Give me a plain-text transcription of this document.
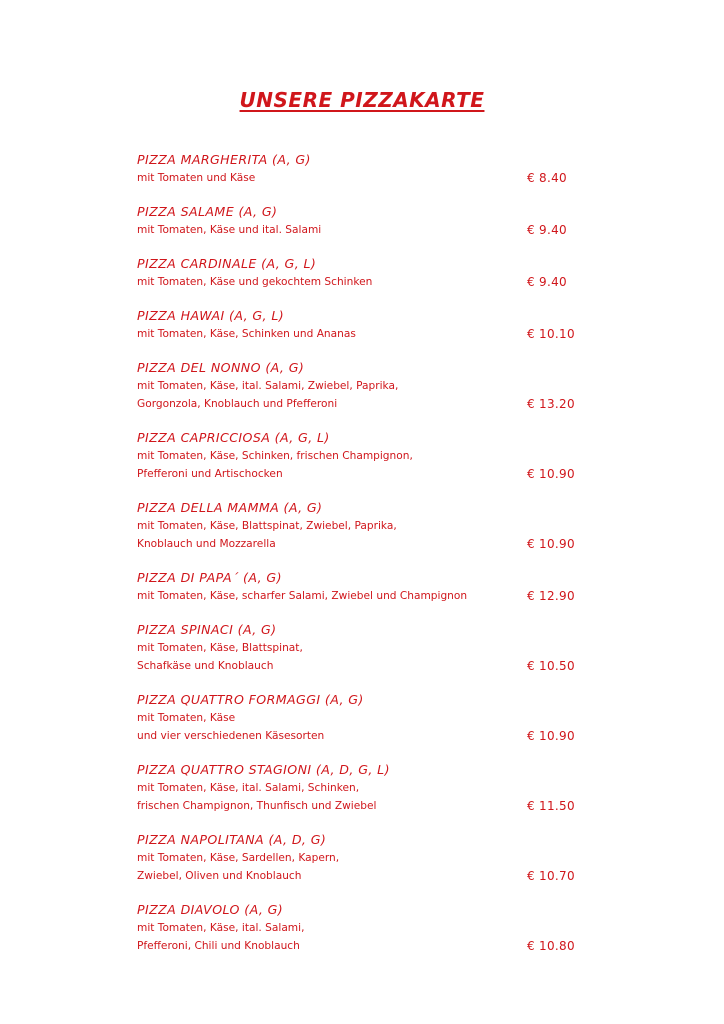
UNSERE PIZZAKARTE
PIZZA MARGHERITA (A, G)
mit Tomaten und Käse	€ 8.40
PIZZA SALAME (A, G)
mit Tomaten, Käse und ital. Salami	€ 9.40
PIZZA CARDINALE (A, G, L)
mit Tomaten, Käse und gekochtem Schinken	€ 9.40
PIZZA HAWAI (A, G, L)
mit Tomaten, Käse, Schinken und Ananas	€ 10.10
PIZZA DEL NONNO (A, G)
mit Tomaten, Käse, ital. Salami, Zwiebel, Paprika,
Gorgonzola, Knoblauch und Pfefferoni	€ 13.20
PIZZA CAPRICCIOSA (A, G, L)
mit Tomaten, Käse, Schinken, frischen Champignon,
Pfefferoni und Artischocken	€ 10.90
PIZZA DELLA MAMMA (A, G)
mit Tomaten, Käse, Blattspinat, Zwiebel, Paprika,
Knoblauch und Mozzarella	€ 10.90
PIZZA DI PAPA´ (A, G)
mit Tomaten, Käse, scharfer Salami, Zwiebel und Champignon	€ 12.90
PIZZA SPINACI (A, G)
mit Tomaten, Käse, Blattspinat,
Schafkäse und Knoblauch	€ 10.50
PIZZA QUATTRO FORMAGGI (A, G)
mit Tomaten, Käse
und vier verschiedenen Käsesorten	€ 10.90
PIZZA QUATTRO STAGIONI (A, D, G, L)
mit Tomaten, Käse, ital. Salami, Schinken,
frischen Champignon, Thunfisch und Zwiebel	€ 11.50
PIZZA NAPOLITANA (A, D, G)
mit Tomaten, Käse, Sardellen, Kapern,
Zwiebel, Oliven und Knoblauch	€ 10.70
PIZZA DIAVOLO (A, G)
mit Tomaten, Käse, ital. Salami,
Pfefferoni, Chili und Knoblauch	€ 10.80
